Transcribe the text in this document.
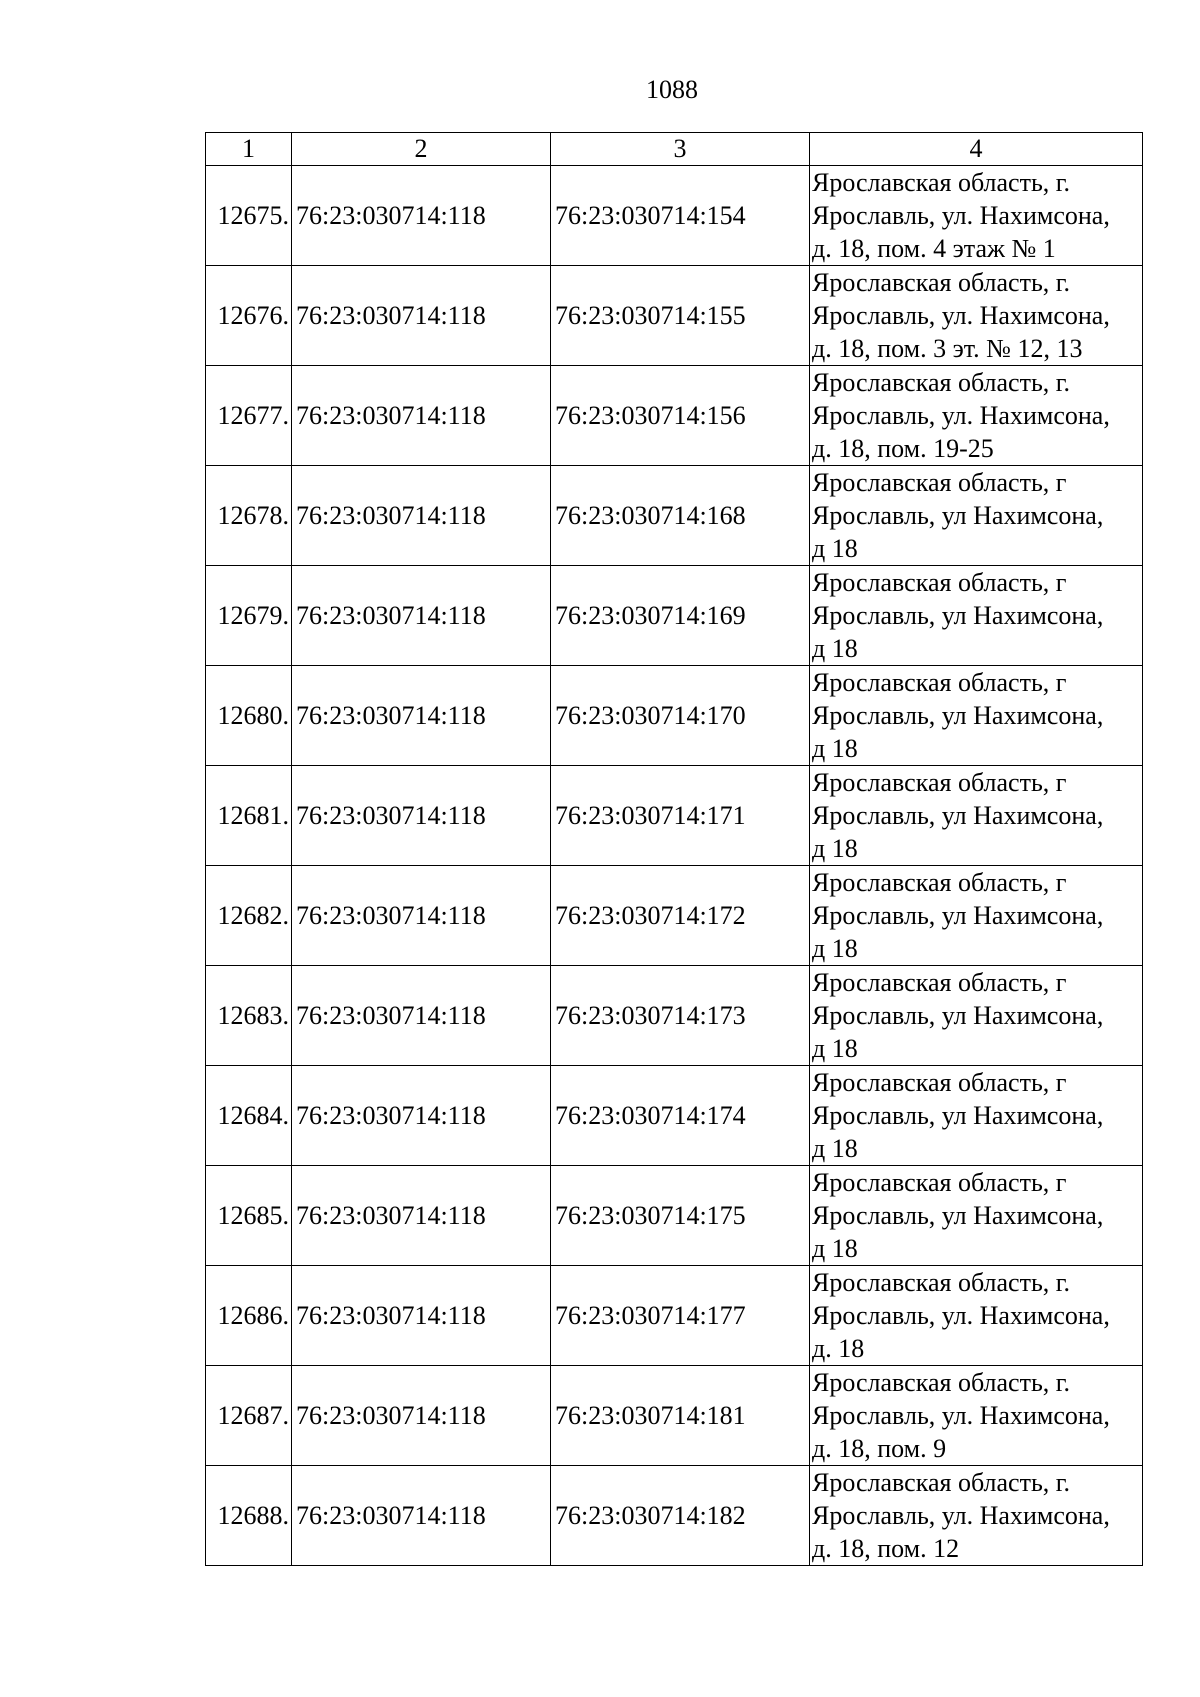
1088
1	2	3	4
12675.	76:23:030714:118	76:23:030714:154	Ярославская область, г.
Ярославль, ул. Нахимсона,
д. 18, пом. 4 этаж № 1

12676.	76:23:030714:118	76:23:030714:155	Ярославская область, г.
Ярославль, ул. Нахимсона,
д. 18, пом. 3 эт. № 12, 13

12677.	76:23:030714:118	76:23:030714:156	Ярославская область, г.
Ярославль, ул. Нахимсона,
д. 18, пом. 19-25

12678.	76:23:030714:118	76:23:030714:168	Ярославская область, г
Ярославль, ул Нахимсона,
д 18

12679.	76:23:030714:118	76:23:030714:169	Ярославская область, г
Ярославль, ул Нахимсона,
д 18

12680.	76:23:030714:118	76:23:030714:170	Ярославская область, г
Ярославль, ул Нахимсона,
д 18

12681.	76:23:030714:118	76:23:030714:171	Ярославская область, г
Ярославль, ул Нахимсона,
д 18

12682.	76:23:030714:118	76:23:030714:172	Ярославская область, г
Ярославль, ул Нахимсона,
д 18

12683.	76:23:030714:118	76:23:030714:173	Ярославская область, г
Ярославль, ул Нахимсона,
д 18

12684.	76:23:030714:118	76:23:030714:174	Ярославская область, г
Ярославль, ул Нахимсона,
д 18

12685.	76:23:030714:118	76:23:030714:175	Ярославская область, г
Ярославль, ул Нахимсона,
д 18

12686.	76:23:030714:118	76:23:030714:177	Ярославская область, г.
Ярославль, ул. Нахимсона,
д. 18

12687.	76:23:030714:118	76:23:030714:181	Ярославская область, г.
Ярославль, ул. Нахимсона,
д. 18, пом. 9

12688.	76:23:030714:118	76:23:030714:182	Ярославская область, г.
Ярославль, ул. Нахимсона,
д. 18, пом. 12
